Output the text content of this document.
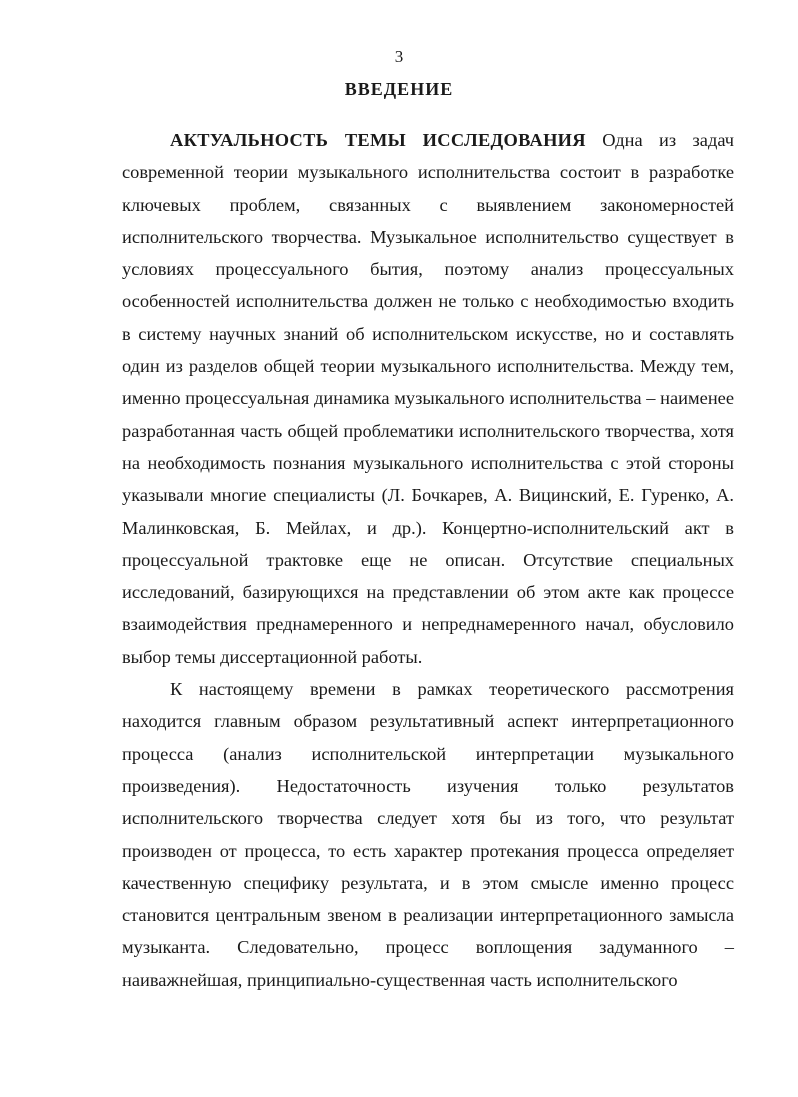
3
ВВЕДЕНИЕ

АКТУАЛЬНОСТЬ ТЕМЫ ИССЛЕДОВАНИЯ Одна из задач современной теории музыкального исполнительства состоит в разработке ключевых проблем, связанных с выявлением закономерностей исполнительского творчества. Музыкальное исполнительство существует в условиях процессуального бытия, поэтому анализ процессуальных особенностей исполнительства должен не только с необходимостью входить в систему научных знаний об исполнительском искусстве, но и составлять один из разделов общей теории музыкального исполнительства. Между тем, именно процессуальная динамика музыкального исполнительства – наименее разработанная часть общей проблематики исполнительского творчества, хотя на необходимость познания музыкального исполнительства с этой стороны указывали многие специалисты (Л. Бочкарев, А. Вицинский, Е. Гуренко, А. Малинковская, Б. Мейлах, и др.). Концертно-исполнительский акт в процессуальной трактовке еще не описан. Отсутствие специальных исследований, базирующихся на представлении об этом акте как процессе взаимодействия преднамеренного и непреднамеренного начал, обусловило выбор темы диссертационной работы.

К настоящему времени в рамках теоретического рассмотрения находится главным образом результативный аспект интерпретационного процесса (анализ исполнительской интерпретации музыкального произведения). Недостаточность изучения только результатов исполнительского творчества следует хотя бы из того, что результат производен от процесса, то есть характер протекания процесса определяет качественную специфику результата, и в этом смысле именно процесс становится центральным звеном в реализации интерпретационного замысла музыканта. Следовательно, процесс воплощения задуманного – наиважнейшая, принципиально-существенная часть исполнительского
